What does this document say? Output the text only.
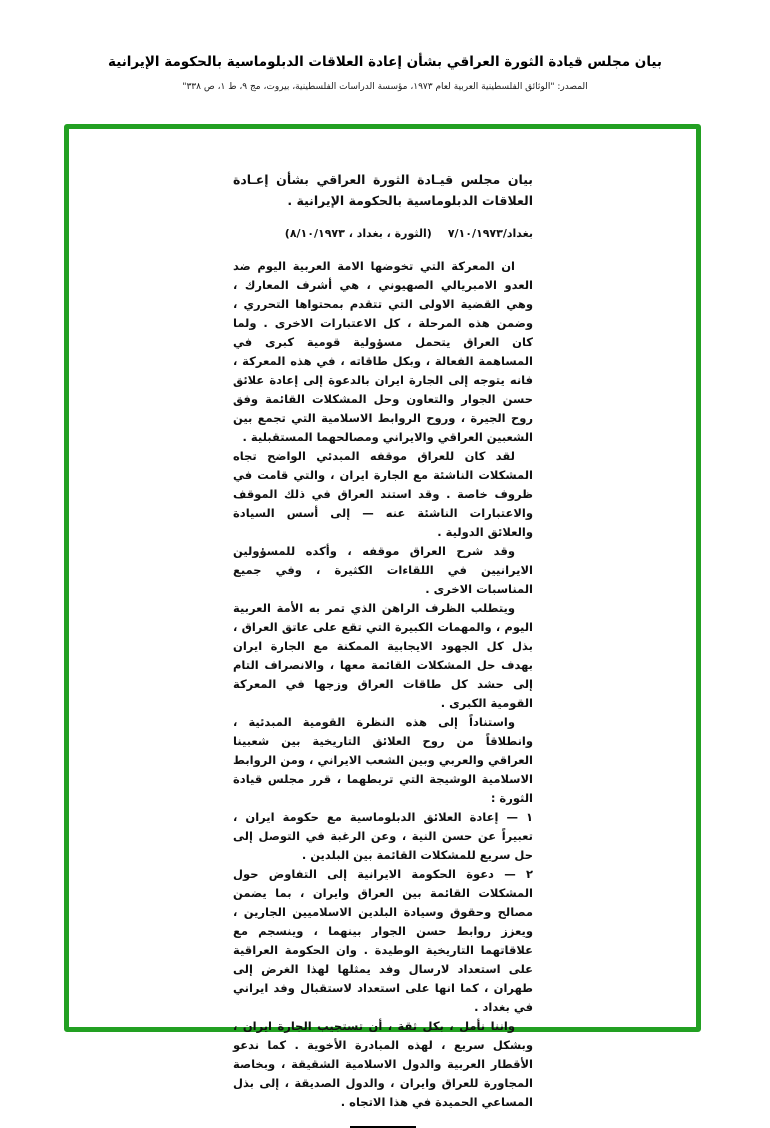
بيان مجلس قيادة الثورة العراقي بشأن إعادة العلاقات الدبلوماسية بالحكومة الإيرانية
المصدر: "الوثائق الفلسطينية العربية لعام ١٩٧٣، مؤسسة الدراسات الفلسطينية، بيروت، مج ٩، ط ١، ص ٣٣٨"
بيان مجلس قيـادة الثورة العراقي بشأن إعـادة العلاقات الدبلوماسية بالحكومة الإيرانية .
بغداد/٧/١٠/١٩٧٣
(الثورة ، بغداد ، ٨/١٠/١٩٧٣)

ان المعركة التي تخوضها الامة العربية اليوم ضد العدو الامبريالي الصهيوني ، هي أشرف المعارك ، وهي القضية الاولى التي تتقدم بمحتواها التحرري ، وضمن هذه المرحلة ، كل الاعتبارات الاخرى . ولما كان العراق يتحمل مسؤولية قومية كبرى في المساهمة الفعالة ، وبكل طاقاته ، في هذه المعركة ، فانه يتوجه إلى الجارة ايران بالدعوة إلى إعادة علائق حسن الجوار والتعاون وحل المشكلات القائمة وفق روح الجيرة ، وروح الروابط الاسلامية التي تجمع بين الشعبين العراقي والايراني ومصالحهما المستقبلية .

لقد كان للعراق موقفه المبدئي الواضح تجاه المشكلات الناشئة مع الجارة ايران ، والتي قامت في ظروف خاصة . وقد استند العراق في ذلك الموقف والاعتبارات الناشئة عنه — إلى أسس السيادة والعلائق الدولية .

وقد شرح العراق موقفه ، وأكده للمسؤولين الايرانيين في اللقاءات الكثيرة ، وفي جميع المناسبات الاخرى .

ويتطلب الظرف الراهن الذي تمر به الأمة العربية اليوم ، والمهمات الكبيرة التي تقع على عاتق العراق ، بذل كل الجهود الايجابية الممكنة مع الجارة ايران بهدف حل المشكلات القائمة معها ، والانصراف التام إلى حشد كل طاقات العراق وزجها في المعركة القومية الكبرى .

واستناداً إلى هذه النظرة القومية المبدئية ، وانطلاقاً من روح العلائق التاريخية بين شعبينا العراقي والعربي وبين الشعب الايراني ، ومن الروابط الاسلامية الوشيجة التي تربطهما ، قرر مجلس قيادة الثورة :

١ — إعادة العلائق الدبلوماسية مع حكومة ايران ، تعبيراً عن حسن النية ، وعن الرغبة في التوصل إلى حل سريع للمشكلات القائمة بين البلدين .

٢ — دعوة الحكومة الايرانية إلى التفاوض حول المشكلات القائمة بين العراق وايران ، بما يضمن مصالح وحقوق وسيادة البلدين الاسلاميين الجارين ، ويعزز روابط حسن الجوار بينهما ، وينسجم مع علاقاتهما التاريخية الوطيدة . وان الحكومة العراقية على استعداد لارسال وفد يمثلها لهذا الغرض إلى طهران ، كما انها على استعداد لاستقبال وفد ايراني في بغداد .

واننا نأمل ، بكل ثقة ، أن تستجيب الجارة ايران ، وبشكل سريع ، لهذه المبادرة الأخوية . كما ندعو الأقطار العربية والدول الاسلامية الشقيقة ، وبخاصة المجاورة للعراق وايران ، والدول الصديقة ، إلى بذل المساعي الحميدة في هذا الاتجاه .
